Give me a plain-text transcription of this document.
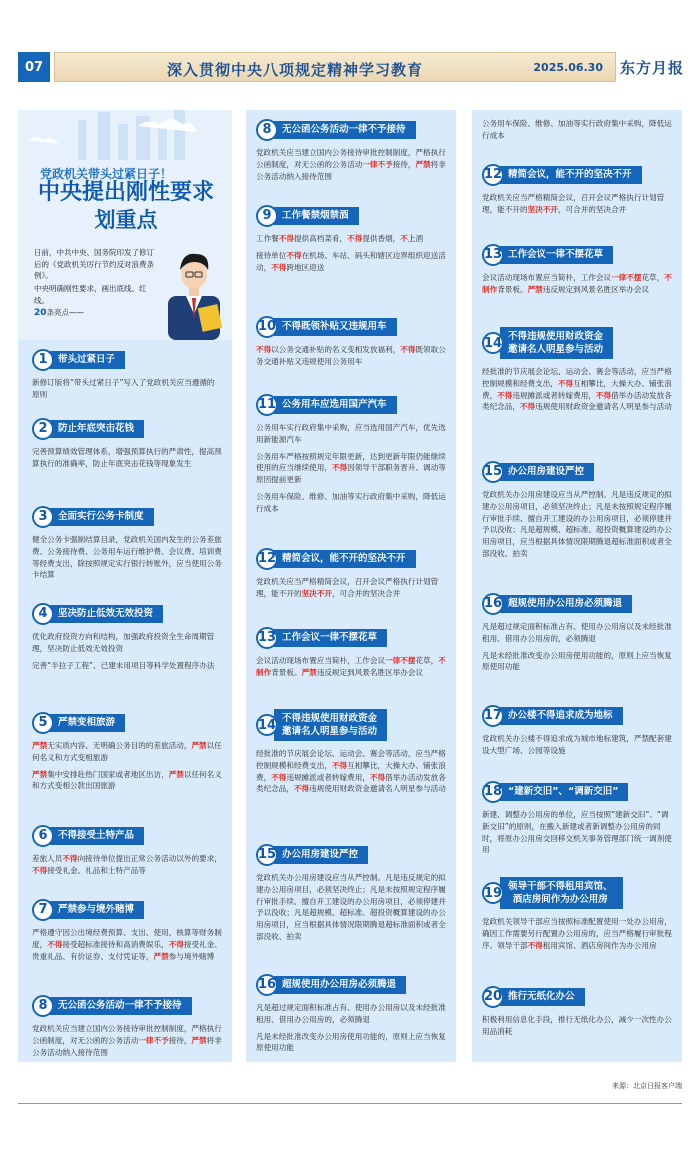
07	深入贯彻中央八项规定精神学习教育	2025.06.30 东方月报
党政机关带头过紧日子！
中央提出刚性要求
划重点

日前，中共中央、国务院印发了修订后的《党政机关厉行节约反对浪费条例》。

中央明确刚性要求，画出底线、红线。

20条亮点——

1	带头过紧日子

新修订版将“带头过紧日子”写入了党政机关应当遵循的原则

2	防止年底突击花钱

完善预算绩效管理体系，增强预算执行的严肃性，提高预算执行的准确率，防止年底突击花钱等现象发生

3	全面实行公务卡制度

健全公务卡强制结算目录，党政机关国内发生的公务差旅费、公务接待费、公务用车运行维护费、会议费、培训费等经费支出，除按照规定实行银行转账外，应当使用公务卡结算

4	坚决防止低效无效投资

优化政府投资方向和结构，加强政府投资全生命周期管理，坚决防止低效无效投资

完善“半拉子工程”、已建未用项目等科学处置程序办法

5	严禁变相旅游

严禁无实质内容、无明确公务目的的差旅活动，严禁以任何名义和方式变相旅游

严禁集中安排赴热门国家或者地区出访，严禁以任何名义和方式变相公款出国旅游

6	不得接受土特产品

差旅人员不得向接待单位提出正常公务活动以外的要求，不得接受礼金、礼品和土特产品等

7	严禁参与境外赌博

严格遵守因公出境经费预算、支出、使用、核算等财务制度，不得接受超标准接待和高消费娱乐，不得接受礼金、贵重礼品、有价证券、支付凭证等，严禁参与境外赌博

8	无公函公务活动一律不予接待

党政机关应当建立国内公务接待审批控制制度，严格执行公函制度，对无公函的公务活动一律不予接待，严禁将非公务活动纳入接待范围

8	无公函公务活动一律不予接待

党政机关应当建立国内公务接待审批控制制度，严格执行公函制度，对无公函的公务活动一律不予接待，严禁将非公务活动纳入接待范围

9	工作餐禁烟禁酒

工作餐不得提供高档菜肴，不得提供香烟，不上酒

接待单位不得在机场、车站、码头和辖区边界组织迎送活动，不得跨地区迎送

10 不得既领补贴又违规用车

不得以公务交通补贴的名义变相发放福利，不得既领取公务交通补贴又违规使用公务用车

11 公务用车应选用国产汽车

公务用车实行政府集中采购，应当选用国产汽车，优先选用新能源汽车

公务用车严格按照规定年限更新，达到更新年限仍能继续使用的应当继续使用，不得因领导干部职务晋升、调动等原因提前更新

公务用车保险、维修、加油等实行政府集中采购，降低运行成本

12 精简会议，能不开的坚决不开

党政机关应当严格精简会议，召开会议严格执行计划管理，能不开的坚决不开，可合并的坚决合并

13 工作会议一律不摆花草

会议活动现场布置应当简朴，工作会议一律不摆花草，不制作背景板。严禁违反规定到风景名胜区举办会议

14 不得违规使用财政资金
邀请名人明星参与活动

经批准的节庆展会论坛、运动会、赛会等活动，应当严格控制规模和经费支出，不得互相攀比，大操大办、铺张浪费，不得违规摊派或者转嫁费用，不得借举办活动发放各类纪念品，不得违规使用财政资金邀请名人明星参与活动

15 办公用房建设严控

党政机关办公用房建设应当从严控制。凡是违反规定的拟建办公用房项目，必须坚决终止；凡是未按照规定程序履行审批手续、擅自开工建设的办公用房项目，必须停建并予以没收；凡是超规模、超标准、超投资概算建设的办公用房项目，应当根据具体情况限期腾退超标准面积或者全部没收、拍卖

16 超规使用办公用房必须腾退

凡是超过规定面积标准占有、使用办公用房以及未经批准租用、借用办公用房的，必须腾退

凡是未经批准改变办公用房使用功能的，原则上应当恢复原使用功能

公务用车保险、维修、加油等实行政府集中采购，降低运行成本

12 精简会议，能不开的坚决不开

党政机关应当严格精简会议，召开会议严格执行计划管理，能不开的坚决不开，可合并的坚决合并

13 工作会议一律不摆花草

会议活动现场布置应当简朴，工作会议一律不摆花草，不制作背景板。严禁违反规定到风景名胜区举办会议

14 不得违规使用财政资金
邀请名人明星参与活动

经批准的节庆展会论坛、运动会、赛会等活动，应当严格控制规模和经费支出，不得互相攀比，大操大办、铺张浪费，不得违规摊派或者转嫁费用，不得借举办活动发放各类纪念品，不得违规使用财政资金邀请名人明星参与活动

15 办公用房建设严控

党政机关办公用房建设应当从严控制。凡是违反规定的拟建办公用房项目，必须坚决终止；凡是未按照规定程序履行审批手续、擅自开工建设的办公用房项目，必须停建并予以没收；凡是超规模、超标准、超投资概算建设的办公用房项目，应当根据具体情况限期腾退超标准面积或者全部没收、拍卖

16 超规使用办公用房必须腾退

凡是超过规定面积标准占有、使用办公用房以及未经批准租用、借用办公用房的，必须腾退

凡是未经批准改变办公用房使用功能的，原则上应当恢复原使用功能

17 办公楼不得追求成为地标

党政机关办公楼不得追求成为城市地标建筑，严禁配套建设大型广场、公园等设施

18 “建新交旧”、“调新交旧”

新建、调整办公用房的单位，应当按照“建新交旧”、“调新交旧”的原则，在搬入新建或者新调整办公用房的同时，将原办公用房交回移交机关事务管理部门统一调剂使用

19 领导干部不得租用宾馆、
酒店房间作为办公用房

党政机关领导干部应当按照标准配置使用一处办公用房，确因工作需要另行配置办公用房的，应当严格履行审批程序。领导干部不得租用宾馆、酒店房间作为办公用房

20 推行无纸化办公

积极利用信息化手段，推行无纸化办公，减少一次性办公用品消耗

来源：北京日报客户端
